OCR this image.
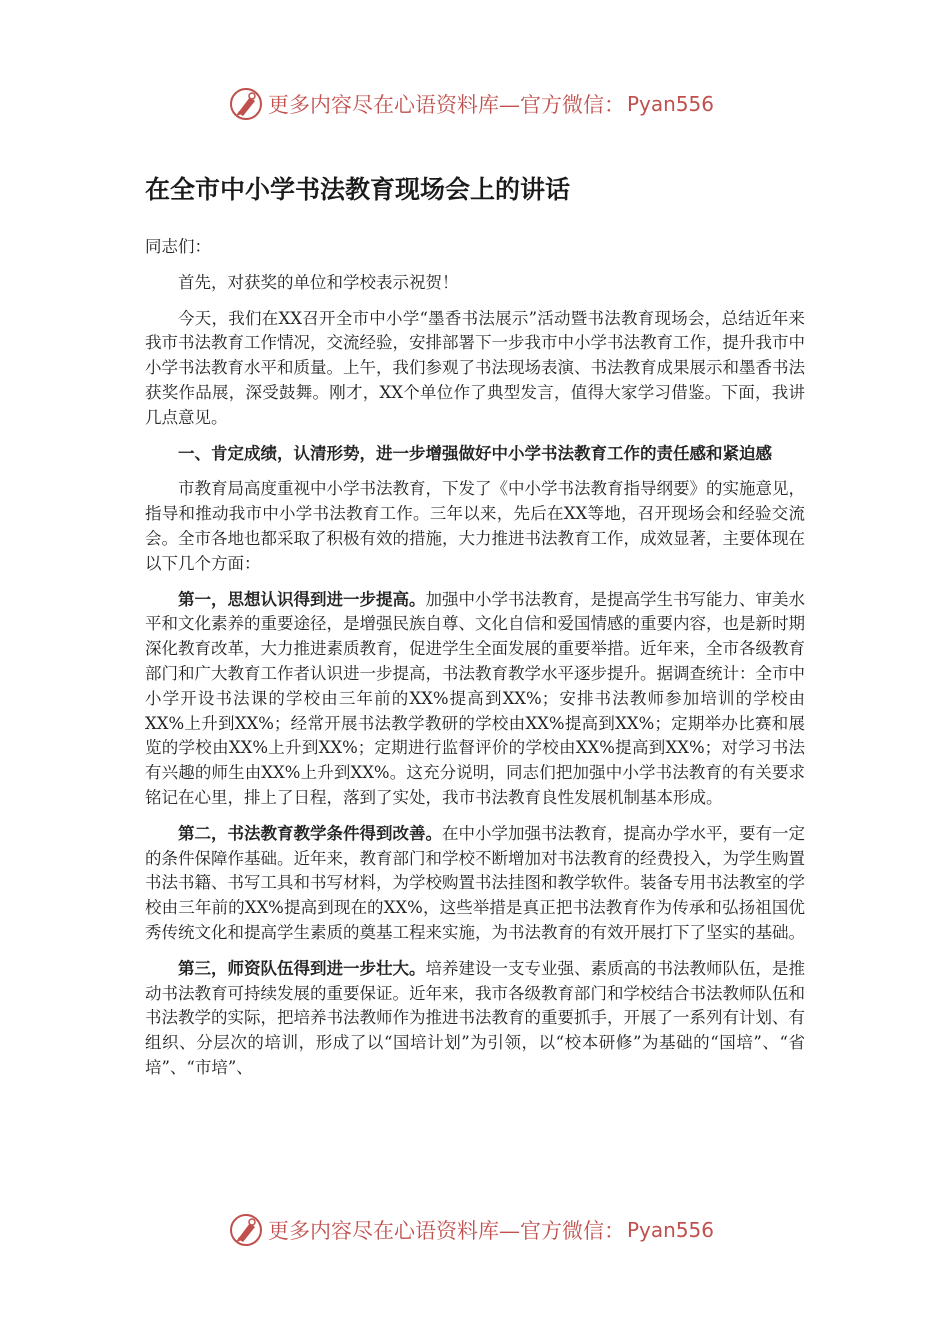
更多内容尽在心语资料库 —官方微信： Pyan556
在全市中小学书法教育现场会上的讲话

同志们：

首先，对获奖的单位和学校表示祝贺！

今天，我们在XX召开全市中小学“墨香书法展示”活动暨书法教育现场会，总结近年来我市书法教育工作情况，交流经验，安排部署下一步我市中小学书法教育工作，提升我市中小学书法教育水平和质量。上午，我们参观了书法现场表演、书法教育成果展示和墨香书法获奖作品展，深受鼓舞。刚才，XX个单位作了典型发言，值得大家学习借鉴。下面，我讲几点意见。

一、肯定成绩，认清形势，进一步增强做好中小学书法教育工作的责任感和紧迫感

市教育局高度重视中小学书法教育，下发了《中小学书法教育指导纲要》的实施意见，指导和推动我市中小学书法教育工作。三年以来，先后在XX等地，召开现场会和经验交流会。全市各地也都采取了积极有效的措施，大力推进书法教育工作，成效显著，主要体现在以下几个方面：

第一，思想认识得到进一步提高。加强中小学书法教育，是提高学生书写能力、审美水平和文化素养的重要途径，是增强民族自尊、文化自信和爱国情感的重要内容，也是新时期深化教育改革，大力推进素质教育，促进学生全面发展的重要举措。近年来，全市各级教育部门和广大教育工作者认识进一步提高，书法教育教学水平逐步提升。据调查统计：全市中小学开设书法课的学校由三年前的XX%提高到XX%；安排书法教师参加培训的学校由XX%上升到XX%；经常开展书法教学教研的学校由XX%提高到XX%；定期举办比赛和展览的学校由XX%上升到XX%；定期进行监督评价的学校由XX%提高到XX%；对学习书法有兴趣的师生由XX%上升到XX%。这充分说明，同志们把加强中小学书法教育的有关要求铭记在心里，排上了日程，落到了实处，我市书法教育良性发展机制基本形成。

第二，书法教育教学条件得到改善。在中小学加强书法教育，提高办学水平，要有一定的条件保障作基础。近年来，教育部门和学校不断增加对书法教育的经费投入，为学生购置书法书籍、书写工具和书写材料，为学校购置书法挂图和教学软件。装备专用书法教室的学校由三年前的XX%提高到现在的XX%，这些举措是真正把书法教育作为传承和弘扬祖国优秀传统文化和提高学生素质的奠基工程来实施，为书法教育的有效开展打下了坚实的基础。

第三，师资队伍得到进一步壮大。培养建设一支专业强、素质高的书法教师队伍，是推动书法教育可持续发展的重要保证。近年来，我市各级教育部门和学校结合书法教师队伍和书法教学的实际，把培养书法教师作为推进书法教育的重要抓手，开展了一系列有计划、有组织、分层次的培训，形成了以“国培计划”为引领，以“校本研修”为基础的“国培”、“省培”、“市培”、

更多内容尽在心语资料库 —官方微信： Pyan556
